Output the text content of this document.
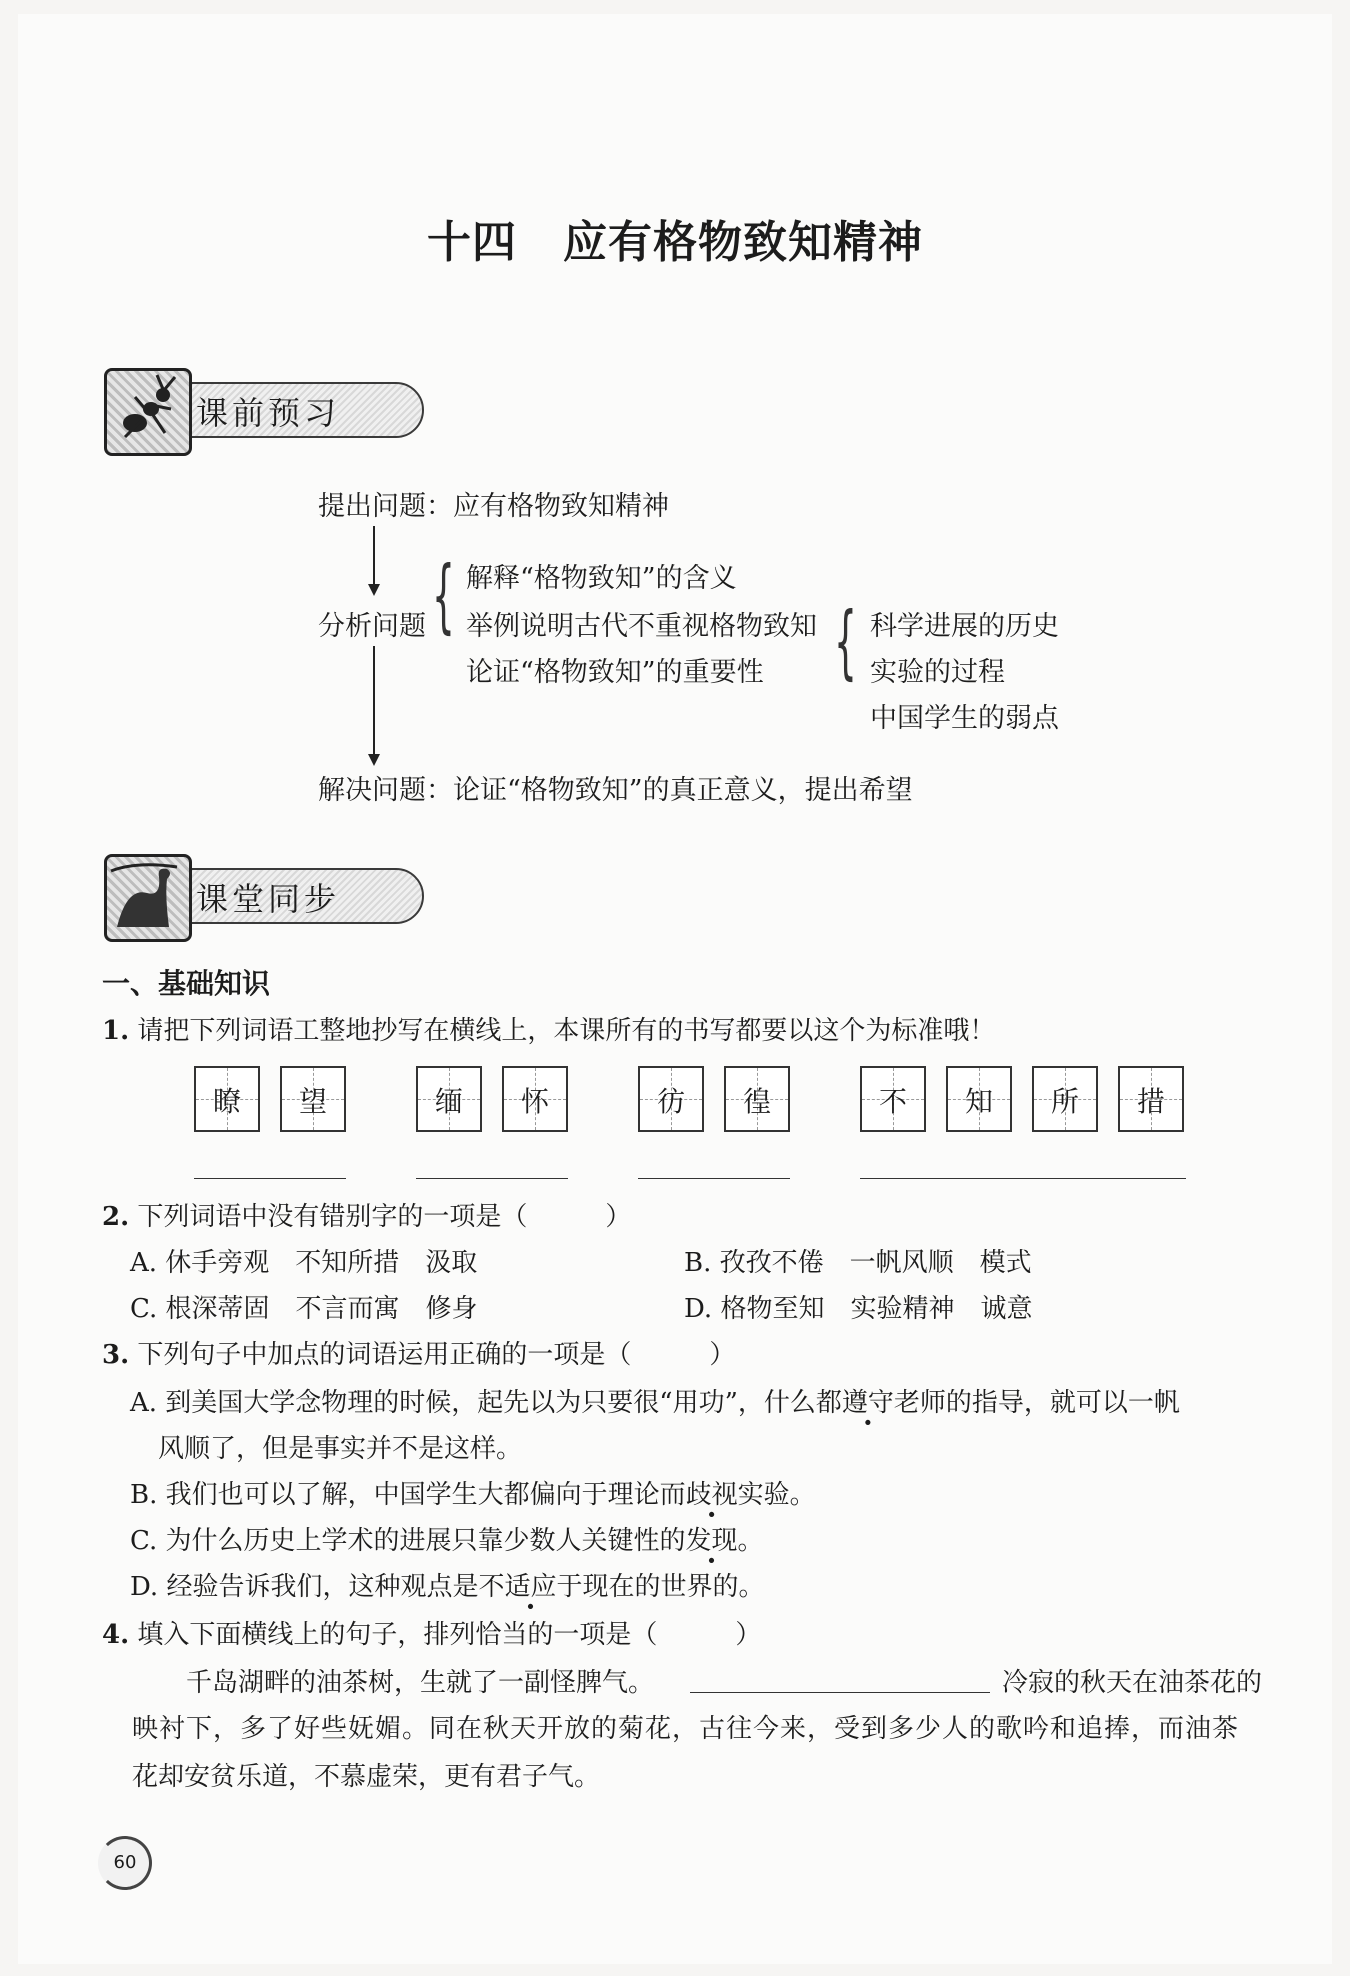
十四 应有格物致知精神
课前预习
提出问题：应有格物致知精神
分析问题 { 解释“格物致知”的含义
举例说明古代不重视格物致知
论证“格物致知”的重要性 { 科学进展的历史
实验的过程
中国学生的弱点
解决问题：论证“格物致知”的真正意义，提出希望
课堂同步
一、基础知识
1. 请把下列词语工整地抄写在横线上，本课所有的书写都要以这个为标准哦！
瞭	望	缅	怀	彷	徨	不	知	所	措
2. 下列词语中没有错别字的一项是（　　　）
A. 休手旁观　不知所措　汲取	B. 孜孜不倦　一帆风顺　模式
C. 根深蒂固　不言而寓　修身	D. 格物至知　实验精神　诚意
3. 下列句子中加点的词语运用正确的一项是（　　　）
A. 到美国大学念物理的时候，起先以为只要很“用功”，什么都遵守老师的指导，就可以一帆
风顺了，但是事实并不是这样。
B. 我们也可以了解，中国学生大都偏向于理论而歧视实验。
C. 为什么历史上学术的进展只靠少数人关键性的发现。
D. 经验告诉我们，这种观点是不适应于现在的世界的。
4. 填入下面横线上的句子，排列恰当的一项是（　　　）
千岛湖畔的油茶树，生就了一副怪脾气。	冷寂的秋天在油茶花的
映衬下，多了好些妩媚。同在秋天开放的菊花，古往今来，受到多少人的歌吟和追捧，而油茶
花却安贫乐道，不慕虚荣，更有君子气。
60
